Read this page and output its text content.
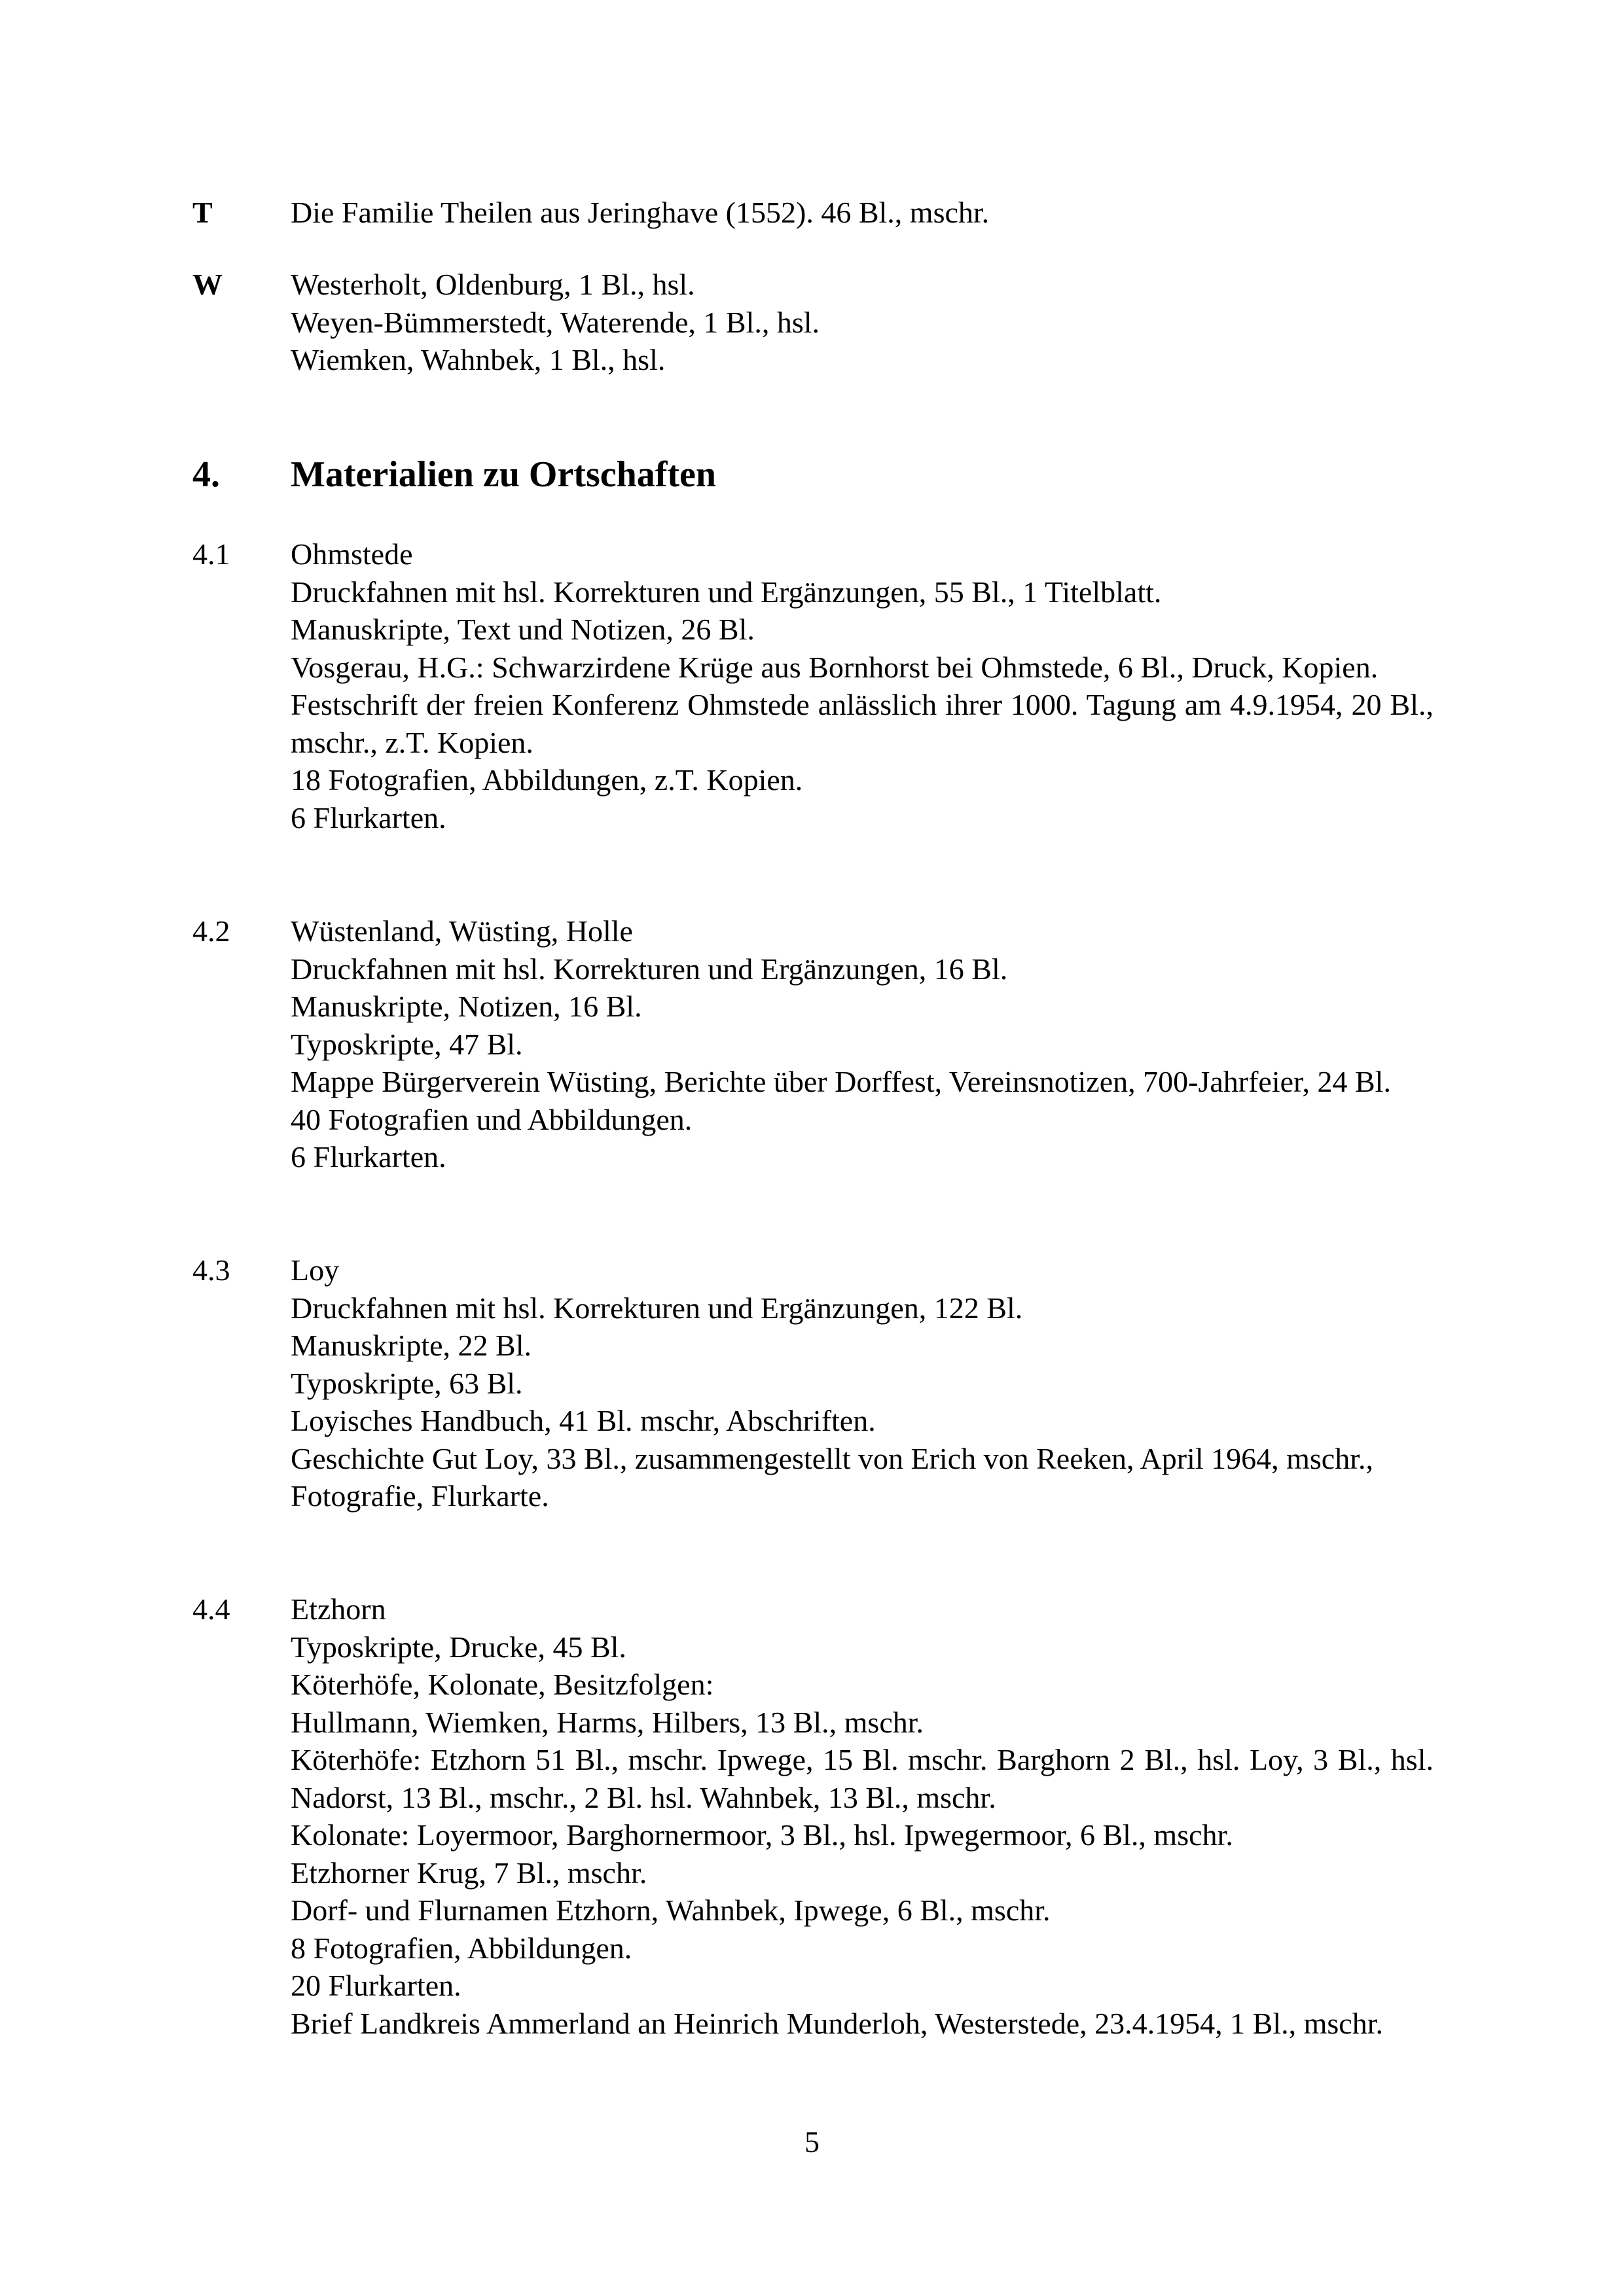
T	Die Familie Theilen aus Jeringhave (1552). 46 Bl., mschr.
W	Westerholt, Oldenburg, 1 Bl., hsl.
Weyen-Bümmerstedt, Waterende, 1 Bl., hsl.
Wiemken, Wahnbek, 1 Bl., hsl.
4.	Materialien zu Ortschaften
4.1	Ohmstede
Druckfahnen mit hsl. Korrekturen und Ergänzungen, 55 Bl., 1 Titelblatt.
Manuskripte, Text und Notizen, 26 Bl.
Vosgerau, H.G.: Schwarzirdene Krüge aus Bornhorst bei Ohmstede, 6 Bl., Druck, Kopien.
Festschrift der freien Konferenz Ohmstede anlässlich ihrer 1000. Tagung am 4.9.1954, 20 Bl., mschr., z.T. Kopien.
18 Fotografien, Abbildungen, z.T. Kopien.
6 Flurkarten.
4.2	Wüstenland, Wüsting, Holle
Druckfahnen mit hsl. Korrekturen und Ergänzungen, 16 Bl.
Manuskripte, Notizen, 16 Bl.
Typoskripte, 47 Bl.
Mappe Bürgerverein Wüsting, Berichte über Dorffest, Vereinsnotizen, 700-Jahrfeier, 24 Bl.
40 Fotografien und Abbildungen.
6 Flurkarten.
4.3	Loy
Druckfahnen mit hsl. Korrekturen und Ergänzungen, 122 Bl.
Manuskripte, 22 Bl.
Typoskripte, 63 Bl.
Loyisches Handbuch, 41 Bl. mschr, Abschriften.
Geschichte Gut Loy, 33 Bl., zusammengestellt von Erich von Reeken, April 1964, mschr.,
Fotografie, Flurkarte.
4.4	Etzhorn
Typoskripte, Drucke, 45 Bl.
Köterhöfe, Kolonate, Besitzfolgen:
Hullmann, Wiemken, Harms, Hilbers, 13 Bl., mschr.
Köterhöfe: Etzhorn 51 Bl., mschr. Ipwege, 15 Bl. mschr. Barghorn 2 Bl., hsl. Loy, 3 Bl., hsl. Nadorst, 13 Bl., mschr., 2 Bl. hsl. Wahnbek, 13 Bl., mschr.
Kolonate: Loyermoor, Barghornermoor, 3 Bl., hsl. Ipwegermoor, 6 Bl., mschr.
Etzhorner Krug, 7 Bl., mschr.
Dorf- und Flurnamen Etzhorn, Wahnbek, Ipwege, 6 Bl., mschr.
8 Fotografien, Abbildungen.
20 Flurkarten.
Brief Landkreis Ammerland an Heinrich Munderloh, Westerstede, 23.4.1954, 1 Bl., mschr.
5
